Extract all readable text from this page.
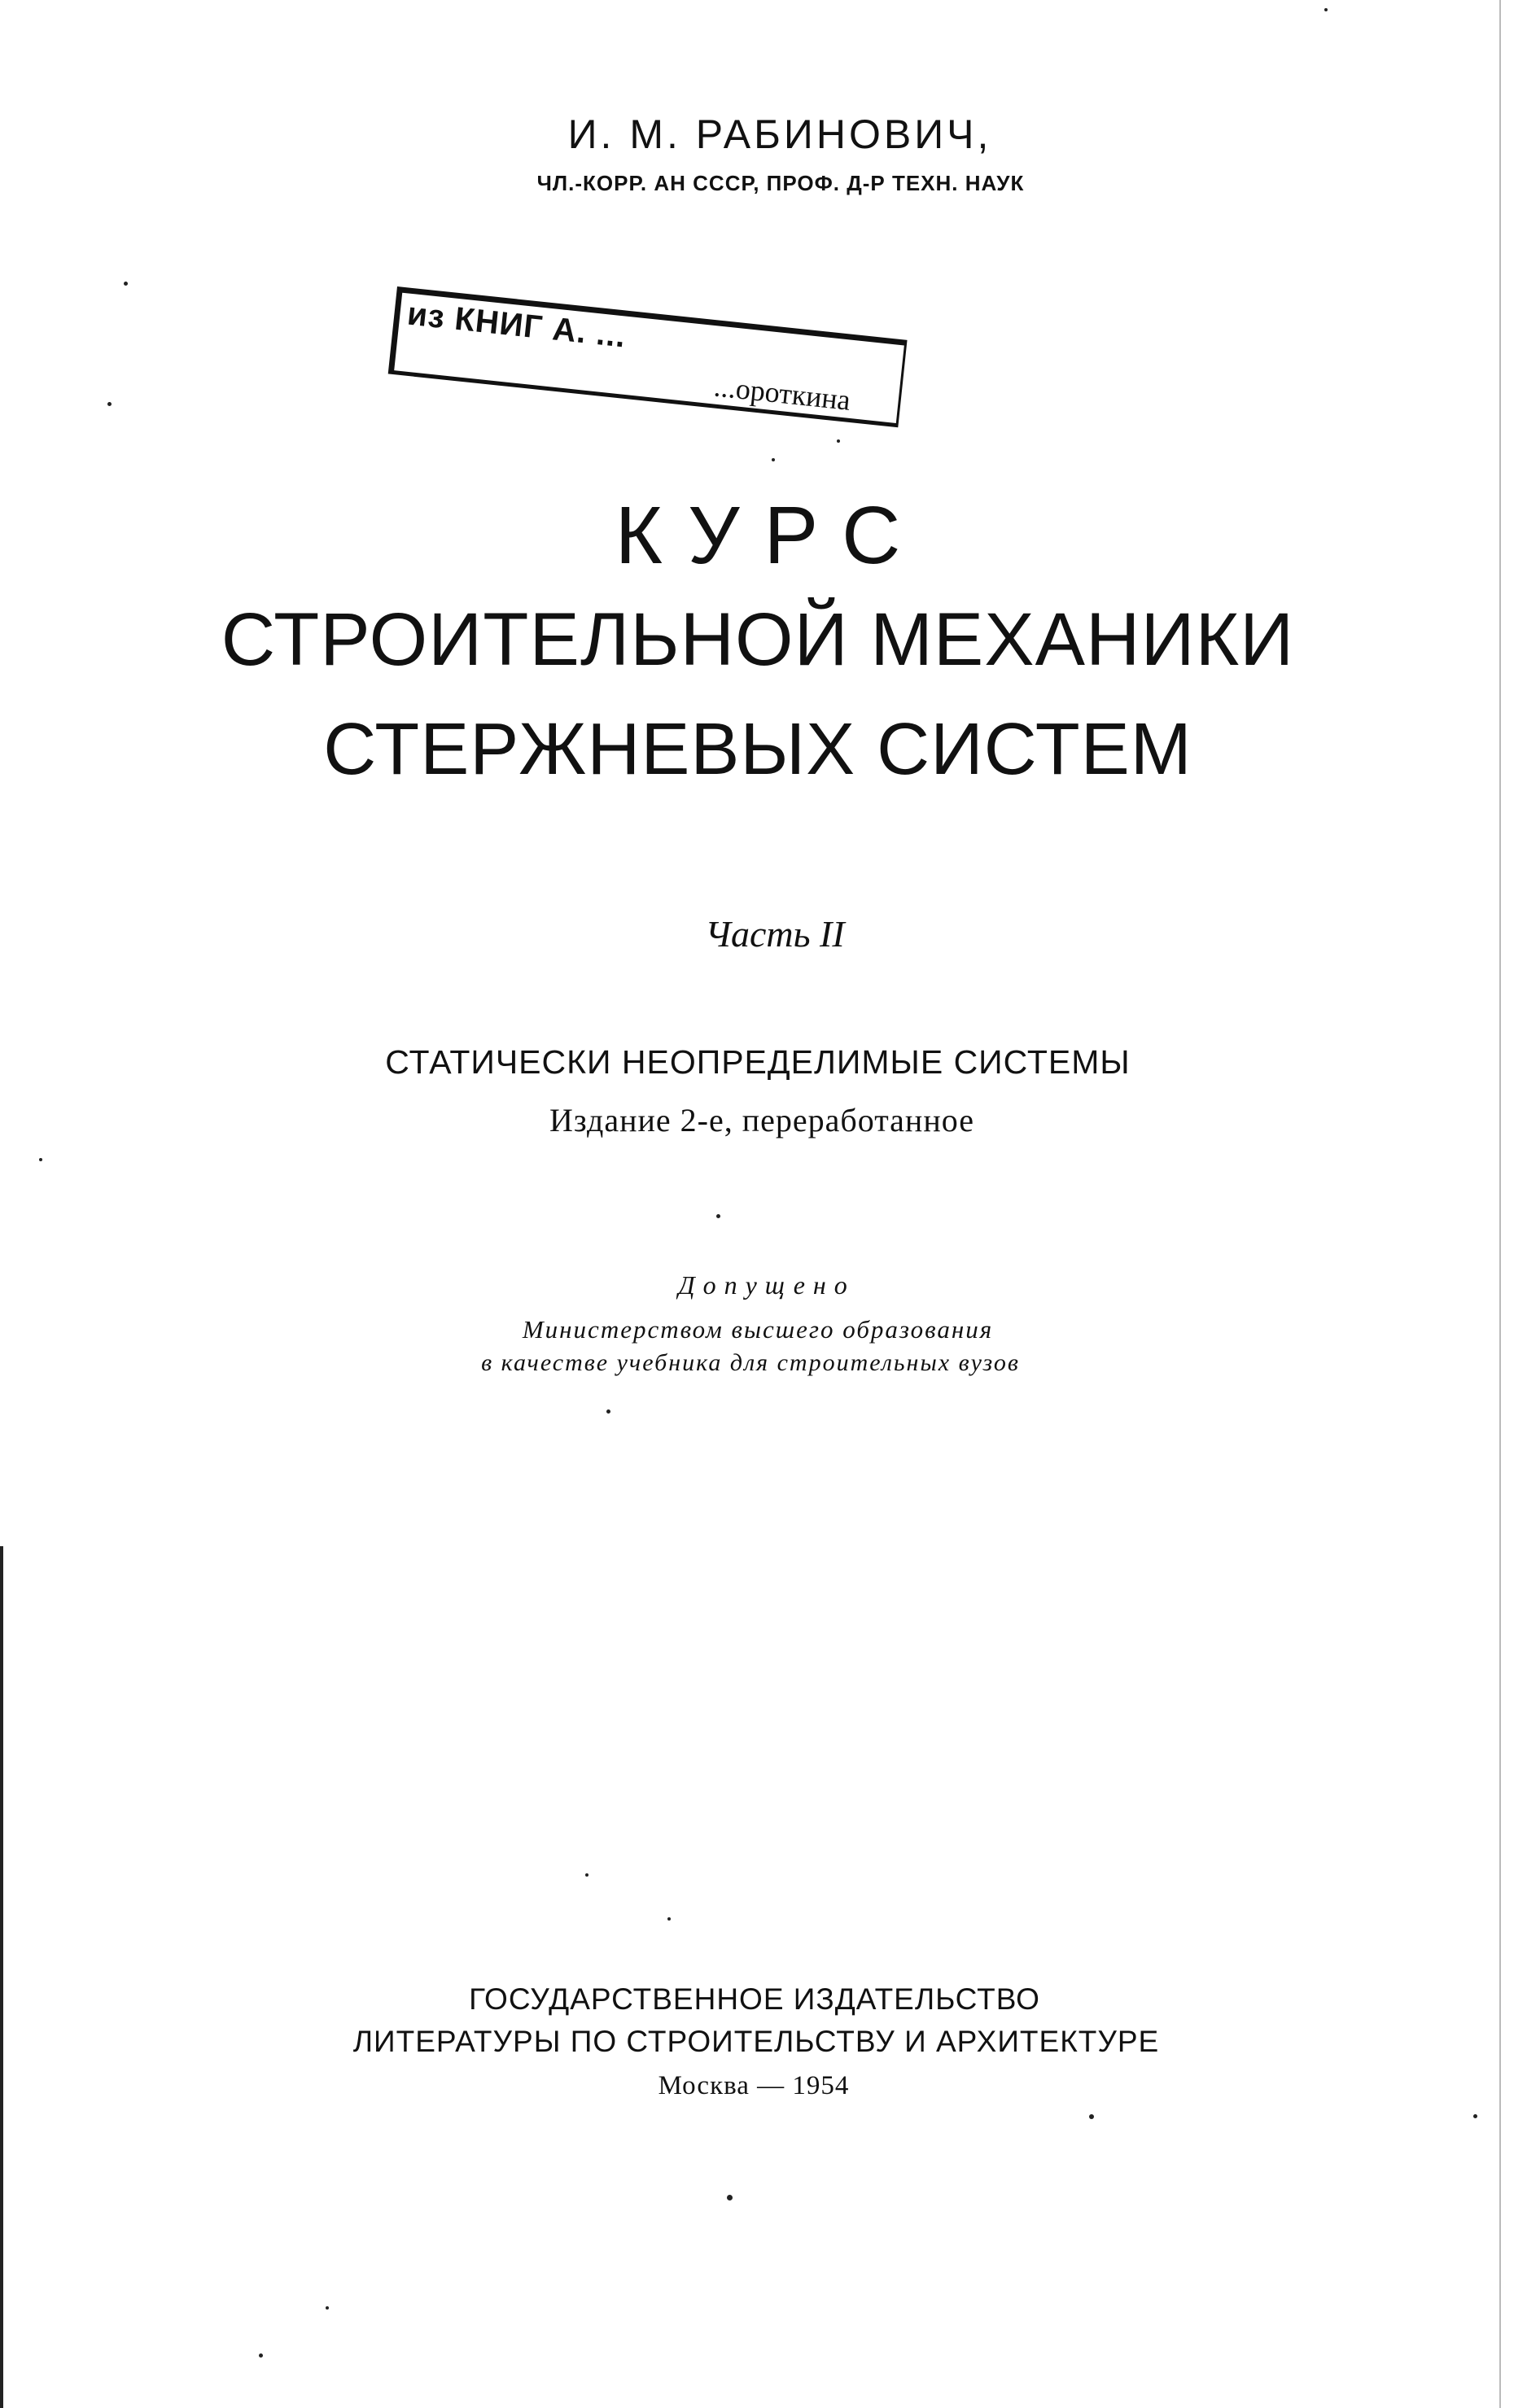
И. М. РАБИНОВИЧ,
ЧЛ.-КОРР. АН СССР, ПРОФ. Д-Р ТЕХН. НАУК
из КНИГ А. ...
...ороткина
КУРС
СТРОИТЕЛЬНОЙ МЕХАНИКИ
СТЕРЖНЕВЫХ СИСТЕМ
Часть II
СТАТИЧЕСКИ НЕОПРЕДЕЛИМЫЕ СИСТЕМЫ
Издание 2-е, переработанное
Допущено
Министерством высшего образования
в качестве учебника для строительных вузов
ГОСУДАРСТВЕННОЕ ИЗДАТЕЛЬСТВО
ЛИТЕРАТУРЫ ПО СТРОИТЕЛЬСТВУ И АРХИТЕКТУРЕ
Москва — 1954
